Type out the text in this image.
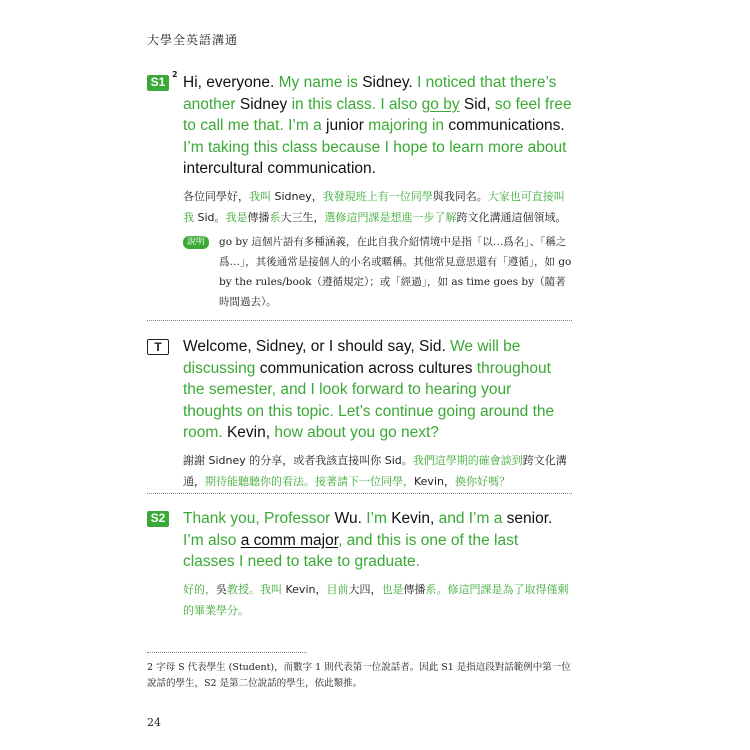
大學全英語溝通
S1
2 Hi, everyone. My name is Sidney. I noticed that there’s another Sidney in this class. I also go by Sid, so feel free to call me that. I’m a junior majoring in communications. I’m taking this class because I hope to learn more about intercultural communication.
各位同學好，我叫 Sidney，我發現班上有一位同學與我同名。大家也可直接叫我 Sid。我是傳播系大三生，選修這門課是想進一步了解跨文化溝通這個領域。
說明	go by 這個片語有多種涵義，在此自我介紹情境中是指「以…爲名」、「稱之爲…」，其後通常是接個人的小名或暱稱。其他常見意思還有「遵循」，如 go by the rules/book（遵循規定）；或「經過」，如 as time goes by（隨著時間過去）。
T	Welcome, Sidney, or I should say, Sid. We will be discussing communication across cultures throughout the semester, and I look forward to hearing your thoughts on this topic. Let’s continue going around the room. Kevin, how about you go next?
謝謝 Sidney 的分享，或者我該直接叫你 Sid。我們這學期的確會談到跨文化溝通，期待能聽聽你的看法。接著請下一位同學，Kevin，換你好嗎？
S2 Thank you, Professor Wu. I’m Kevin, and I’m a senior. I’m also a comm major, and this is one of the last classes I need to take to graduate.
好的，吳教授。我叫 Kevin，目前大四，也是傳播系。修這門課是為了取得僅剩的畢業學分。
2 字母 S 代表學生 (Student)，而數字 1 則代表第一位說話者。因此 S1 是指這段對話範例中第一位說話的學生，S2 是第二位說話的學生，依此類推。
24
